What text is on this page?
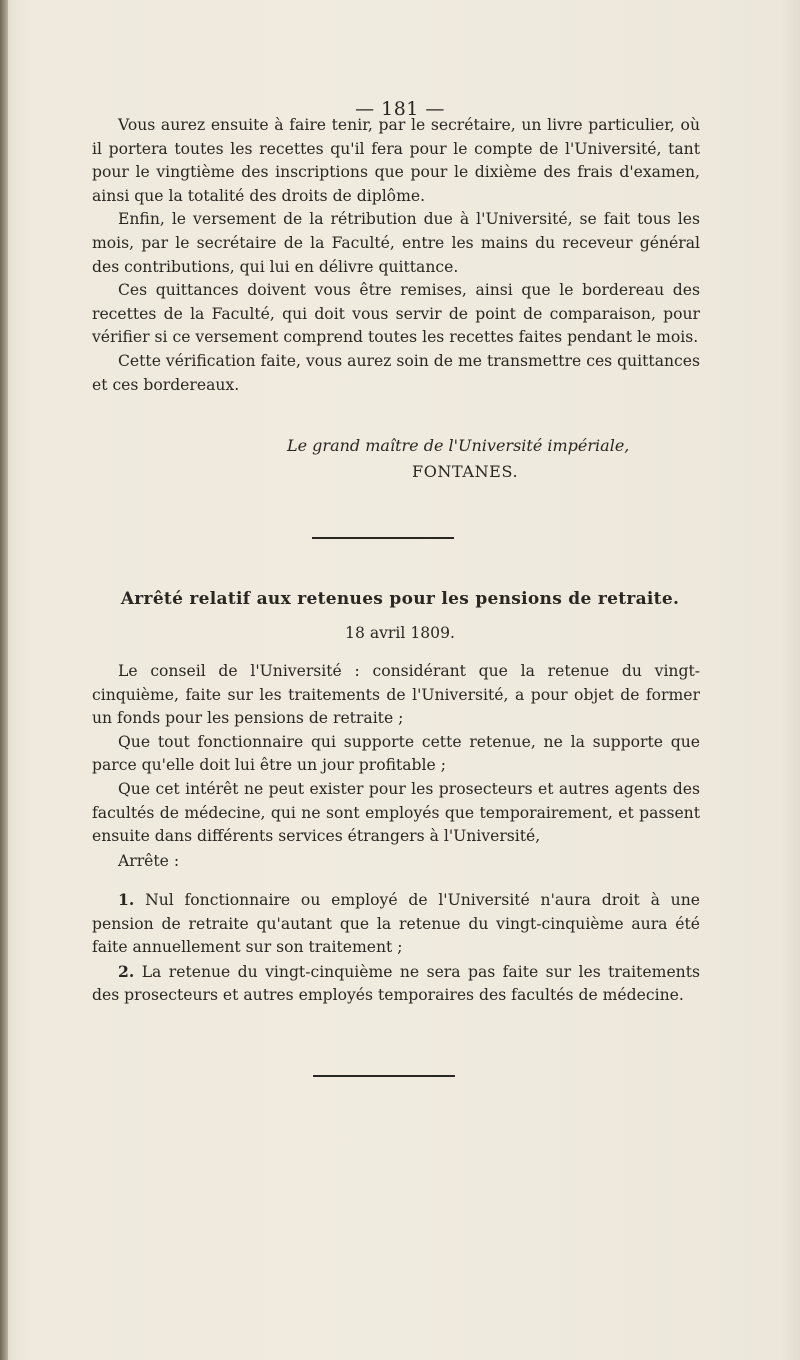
— 181 —

Vous aurez ensuite à faire tenir, par le secrétaire, un livre particulier, où il portera toutes les recettes qu'il fera pour le compte de l'Université, tant pour le vingtième des inscriptions que pour le dixième des frais d'examen, ainsi que la totalité des droits de diplôme.

Enfin, le versement de la rétribution due à l'Université, se fait tous les mois, par le secrétaire de la Faculté, entre les mains du receveur général des contributions, qui lui en délivre quittance.

Ces quittances doivent vous être remises, ainsi que le bordereau des recettes de la Faculté, qui doit vous servir de point de comparaison, pour vérifier si ce versement comprend toutes les recettes faites pendant le mois.

Cette vérification faite, vous aurez soin de me transmettre ces quittances et ces bordereaux.

Le grand maître de l'Université impériale,
FONTANES.
Arrêté relatif aux retenues pour les pensions de retraite.
18 avril 1809.

Le conseil de l'Université : considérant que la retenue du vingt-cinquième, faite sur les traitements de l'Université, a pour objet de former un fonds pour les pensions de retraite ;

Que tout fonctionnaire qui supporte cette retenue, ne la supporte que parce qu'elle doit lui être un jour profitable ;

Que cet intérêt ne peut exister pour les prosecteurs et autres agents des facultés de médecine, qui ne sont employés que temporairement, et passent ensuite dans différents services étrangers à l'Université,

Arrête :

1. Nul fonctionnaire ou employé de l'Université n'aura droit à une pension de retraite qu'autant que la retenue du vingt-cinquième aura été faite annuellement sur son traitement ;

2. La retenue du vingt-cinquième ne sera pas faite sur les traitements des prosecteurs et autres employés temporaires des facultés de médecine.
